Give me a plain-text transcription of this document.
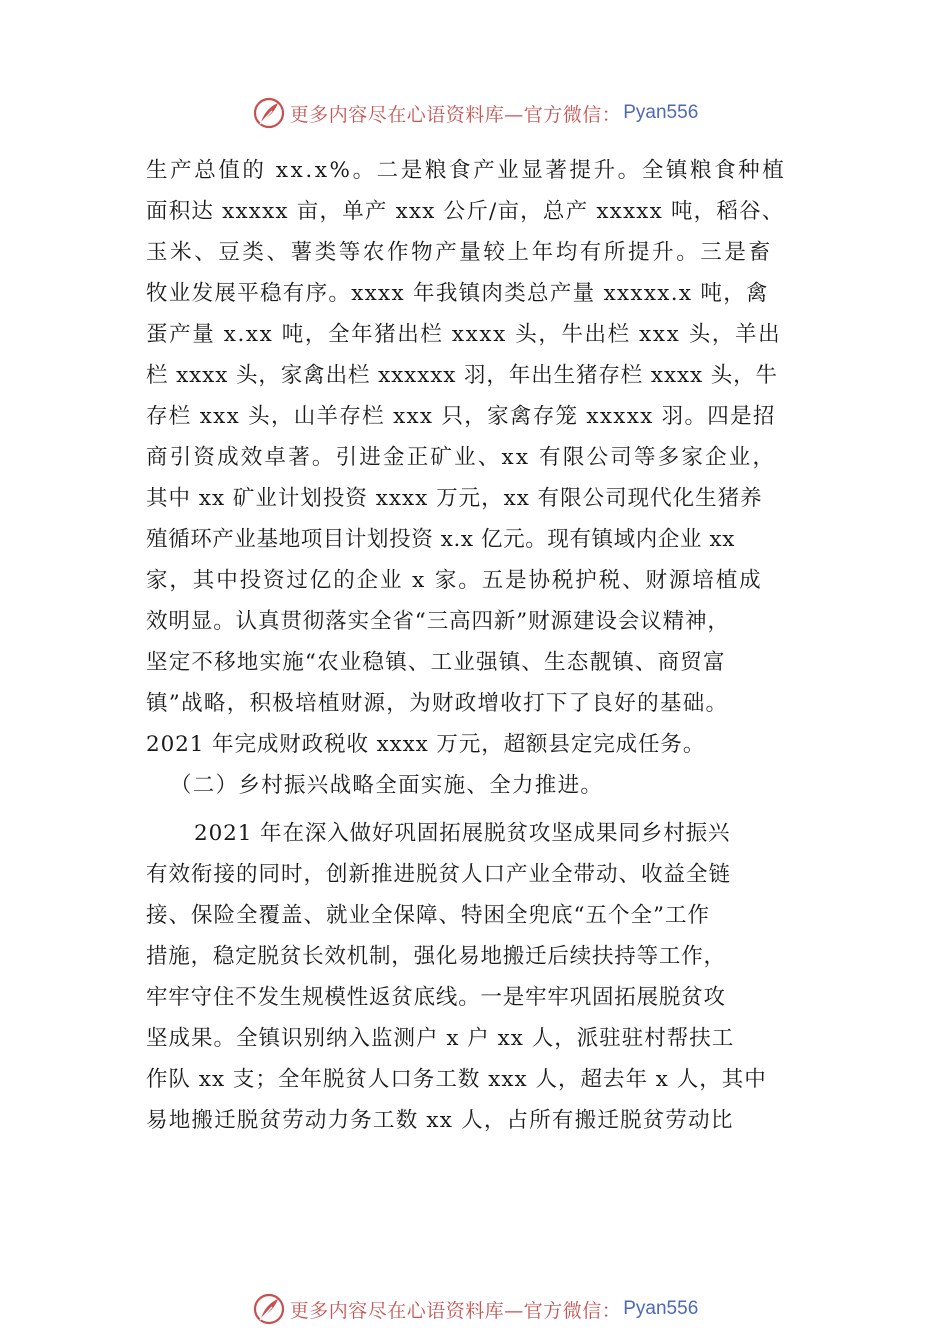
更多内容尽在心语资料库—官方微信： Pyan556
生产总值的 xx.x%。二是粮食产业显著提升。全镇粮食种植
面积达 xxxxx 亩，单产 xxx 公斤/亩，总产 xxxxx 吨，稻谷、
玉米、豆类、薯类等农作物产量较上年均有所提升。三是畜
牧业发展平稳有序。xxxx 年我镇肉类总产量 xxxxx.x 吨，禽
蛋产量 x.xx 吨，全年猪出栏 xxxx 头，牛出栏 xxx 头，羊出
栏 xxxx 头，家禽出栏 xxxxxx 羽，年出生猪存栏 xxxx 头，牛
存栏 xxx 头，山羊存栏 xxx 只，家禽存笼 xxxxx 羽。四是招
商引资成效卓著。引进金正矿业、xx 有限公司等多家企业，
其中 xx 矿业计划投资 xxxx 万元，xx 有限公司现代化生猪养
殖循环产业基地项目计划投资 x.x 亿元。现有镇域内企业 xx
家，其中投资过亿的企业 x 家。五是协税护税、财源培植成
效明显。认真贯彻落实全省“三高四新”财源建设会议精神，
坚定不移地实施“农业稳镇、工业强镇、生态靓镇、商贸富
镇”战略，积极培植财源，为财政增收打下了良好的基础。
2021 年完成财政税收 xxxx 万元，超额县定完成任务。
（二）乡村振兴战略全面实施、全力推进。
2021 年在深入做好巩固拓展脱贫攻坚成果同乡村振兴
有效衔接的同时，创新推进脱贫人口产业全带动、收益全链
接、保险全覆盖、就业全保障、特困全兜底“五个全”工作
措施，稳定脱贫长效机制，强化易地搬迁后续扶持等工作，
牢牢守住不发生规模性返贫底线。一是牢牢巩固拓展脱贫攻
坚成果。全镇识别纳入监测户 x 户 xx 人，派驻驻村帮扶工
作队 xx 支；全年脱贫人口务工数 xxx 人，超去年 x 人，其中
易地搬迁脱贫劳动力务工数 xx 人，占所有搬迁脱贫劳动比
更多内容尽在心语资料库—官方微信： Pyan556
